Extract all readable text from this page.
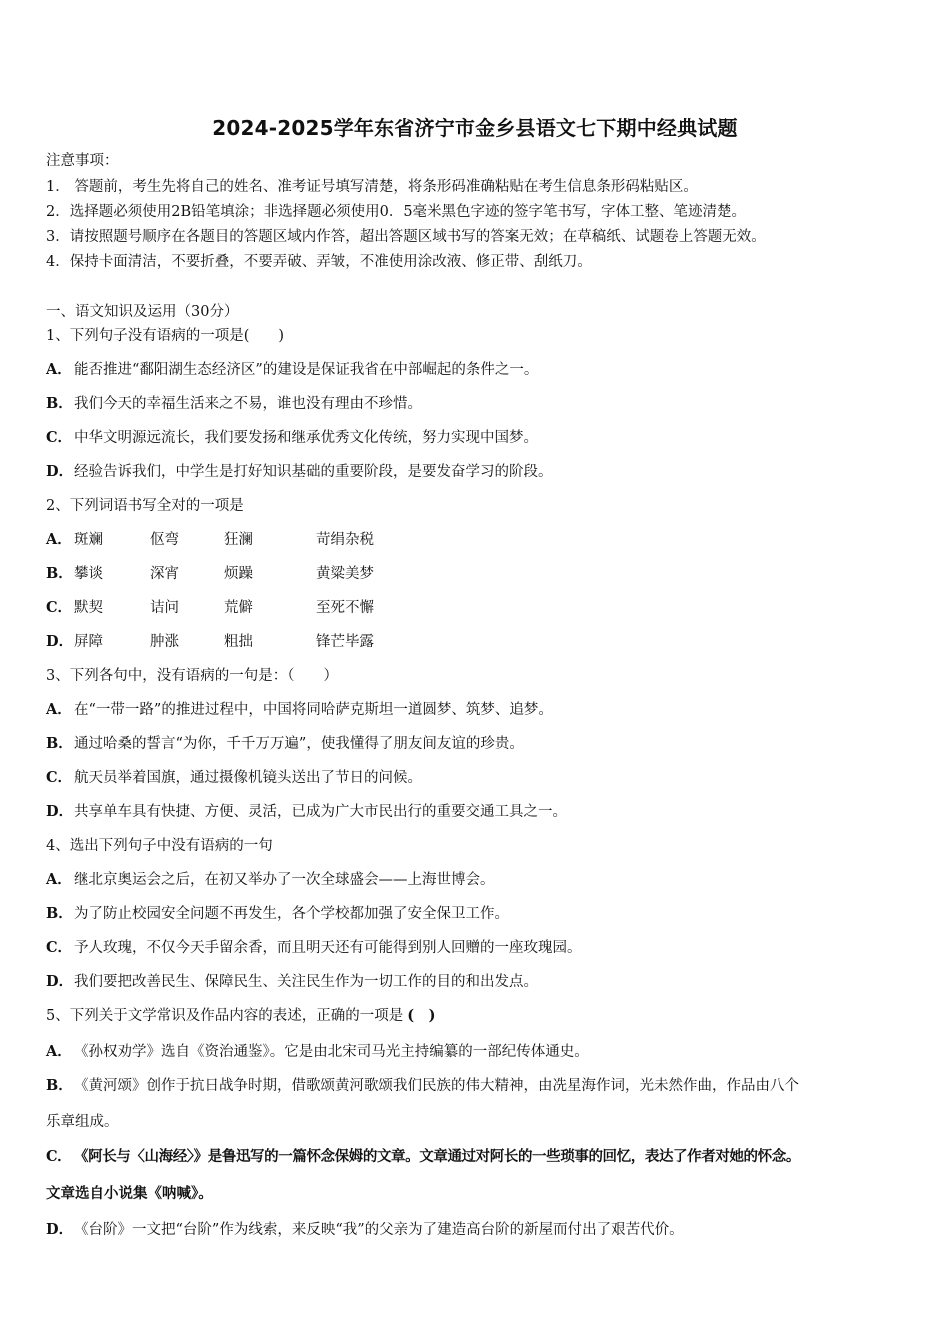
2024-2025学年东省济宁市金乡县语文七下期中经典试题
注意事项：
1． 答题前，考生先将自己的姓名、准考证号填写清楚，将条形码准确粘贴在考生信息条形码粘贴区。
2．选择题必须使用2B铅笔填涂；非选择题必须使用0．5毫米黑色字迹的签字笔书写，字体工整、笔迹清楚。
3．请按照题号顺序在各题目的答题区域内作答，超出答题区域书写的答案无效；在草稿纸、试题卷上答题无效。
4．保持卡面清洁，不要折叠，不要弄破、弄皱，不准使用涂改液、修正带、刮纸刀。
一、语文知识及运用（30分）
1、下列句子没有语病的一项是(　　)
A． 能否推进“鄱阳湖生态经济区”的建设是保证我省在中部崛起的条件之一。
B．我们今天的幸福生活来之不易，谁也没有理由不珍惜。
C． 中华文明源远流长，我们要发扬和继承优秀文化传统，努力实现中国梦。
D．经验告诉我们，中学生是打好知识基础的重要阶段，是要发奋学习的阶段。
2、下列词语书写全对的一项是
A． 斑斓	伛弯	狂澜	苛绢杂税
B．攀谈	深宵	烦躁	黄粱美梦
C． 默契	诘问	荒僻	至死不懈
D．屏障	肿涨	粗拙	锋芒毕露
3、下列各句中，没有语病的一句是：（　　）
A． 在“一带一路”的推进过程中，中国将同哈萨克斯坦一道圆梦、筑梦、追梦。
B．通过哈桑的誓言“为你，千千万万遍”，使我懂得了朋友间友谊的珍贵。
C． 航天员举着国旗，通过摄像机镜头送出了节日的问候。
D．共享单车具有快捷、方便、灵活，已成为广大市民出行的重要交通工具之一。
4、选出下列句子中没有语病的一句
A． 继北京奥运会之后，在初又举办了一次全球盛会——上海世博会。
B．为了防止校园安全问题不再发生，各个学校都加强了安全保卫工作。
C． 予人玫瑰，不仅今天手留余香，而且明天还有可能得到别人回赠的一座玫瑰园。
D．我们要把改善民生、保障民生、关注民生作为一切工作的目的和出发点。
5、下列关于文学常识及作品内容的表述，正确的一项是 (　)
A． 《孙权劝学》选自《资治通鉴》。它是由北宋司马光主持编纂的一部纪传体通史。
B．《黄河颂》创作于抗日战争时期，借歌颂黄河歌颂我们民族的伟大精神，由冼星海作词，光未然作曲，作品由八个
乐章组成。
C． 《阿长与〈山海经〉》是鲁迅写的一篇怀念保姆的文章。文章通过对阿长的一些琐事的回忆，表达了作者对她的怀念。
文章选自小说集《呐喊》。
D．《台阶》一文把“台阶”作为线索，来反映“我”的父亲为了建造高台阶的新屋而付出了艰苦代价。
